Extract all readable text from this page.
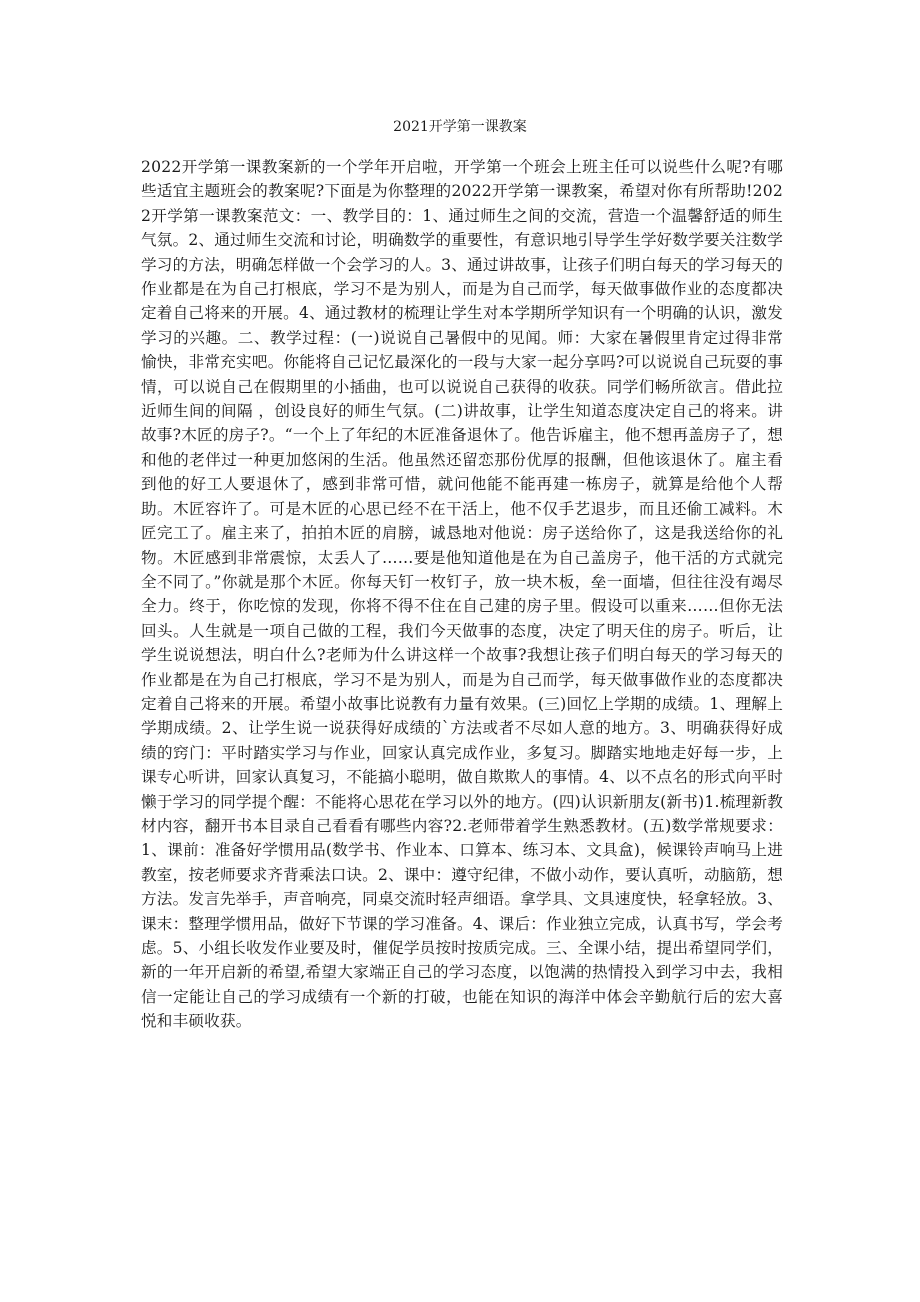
2021开学第一课教案
2022开学第一课教案新的一个学年开启啦，开学第一个班会上班主任可以说些什么呢?有哪些适宜主题班会的教案呢?下面是为你整理的2022开学第一课教案，希望对你有所帮助!2022开学第一课教案范文：一、教学目的：1、通过师生之间的交流，营造一个温馨舒适的师生气氛。2、通过师生交流和讨论，明确数学的重要性，有意识地引导学生学好数学要关注数学学习的方法，明确怎样做一个会学习的人。3、通过讲故事，让孩子们明白每天的学习每天的作业都是在为自己打根底，学习不是为别人，而是为自己而学，每天做事做作业的态度都决定着自己将来的开展。4、通过教材的梳理让学生对本学期所学知识有一个明确的认识，激发学习的兴趣。二、教学过程：(一)说说自己暑假中的见闻。师：大家在暑假里肯定过得非常愉快，非常充实吧。你能将自己记忆最深化的一段与大家一起分享吗?可以说说自己玩耍的事情，可以说自己在假期里的小插曲，也可以说说自己获得的收获。同学们畅所欲言。借此拉近师生间的间隔 ，创设良好的师生气氛。(二)讲故事，让学生知道态度决定自己的将来。讲故事?木匠的房子?。“一个上了年纪的木匠准备退休了。他告诉雇主，他不想再盖房子了，想和他的老伴过一种更加悠闲的生活。他虽然还留恋那份优厚的报酬，但他该退休了。雇主看到他的好工人要退休了，感到非常可惜，就问他能不能再建一栋房子，就算是给他个人帮助。木匠容许了。可是木匠的心思已经不在干活上，他不仅手艺退步，而且还偷工减料。木匠完工了。雇主来了，拍拍木匠的肩膀，诚恳地对他说：房子送给你了，这是我送给你的礼物。木匠感到非常震惊，太丢人了……要是他知道他是在为自己盖房子，他干活的方式就完全不同了。”你就是那个木匠。你每天钉一枚钉子，放一块木板，垒一面墙，但往往没有竭尽全力。终于，你吃惊的发现，你将不得不住在自己建的房子里。假设可以重来……但你无法回头。人生就是一项自己做的工程，我们今天做事的态度，决定了明天住的房子。听后，让学生说说想法，明白什么?老师为什么讲这样一个故事?我想让孩子们明白每天的学习每天的作业都是在为自己打根底，学习不是为别人，而是为自己而学，每天做事做作业的态度都决定着自己将来的开展。希望小故事比说教有力量有效果。(三)回忆上学期的成绩。1、理解上学期成绩。2、让学生说一说获得好成绩的`方法或者不尽如人意的地方。3、明确获得好成绩的窍门：平时踏实学习与作业，回家认真完成作业，多复习。脚踏实地地走好每一步，上课专心听讲，回家认真复习，不能搞小聪明，做自欺欺人的事情。4、以不点名的形式向平时懒于学习的同学提个醒：不能将心思花在学习以外的地方。(四)认识新朋友(新书)1.梳理新教材内容，翻开书本目录自己看看有哪些内容?2.老师带着学生熟悉教材。(五)数学常规要求：1、课前：准备好学惯用品(数学书、作业本、口算本、练习本、文具盒)，候课铃声响马上进教室，按老师要求齐背乘法口诀。2、课中：遵守纪律，不做小动作，要认真听，动脑筋，想方法。发言先举手，声音响亮，同桌交流时轻声细语。拿学具、文具速度快，轻拿轻放。3、课末：整理学惯用品，做好下节课的学习准备。4、课后：作业独立完成，认真书写，学会考虑。5、小组长收发作业要及时，催促学员按时按质完成。三、全课小结，提出希望同学们，新的一年开启新的希望,希望大家端正自己的学习态度，以饱满的热情投入到学习中去，我相信一定能让自己的学习成绩有一个新的打破，也能在知识的海洋中体会辛勤航行后的宏大喜悦和丰硕收获。
